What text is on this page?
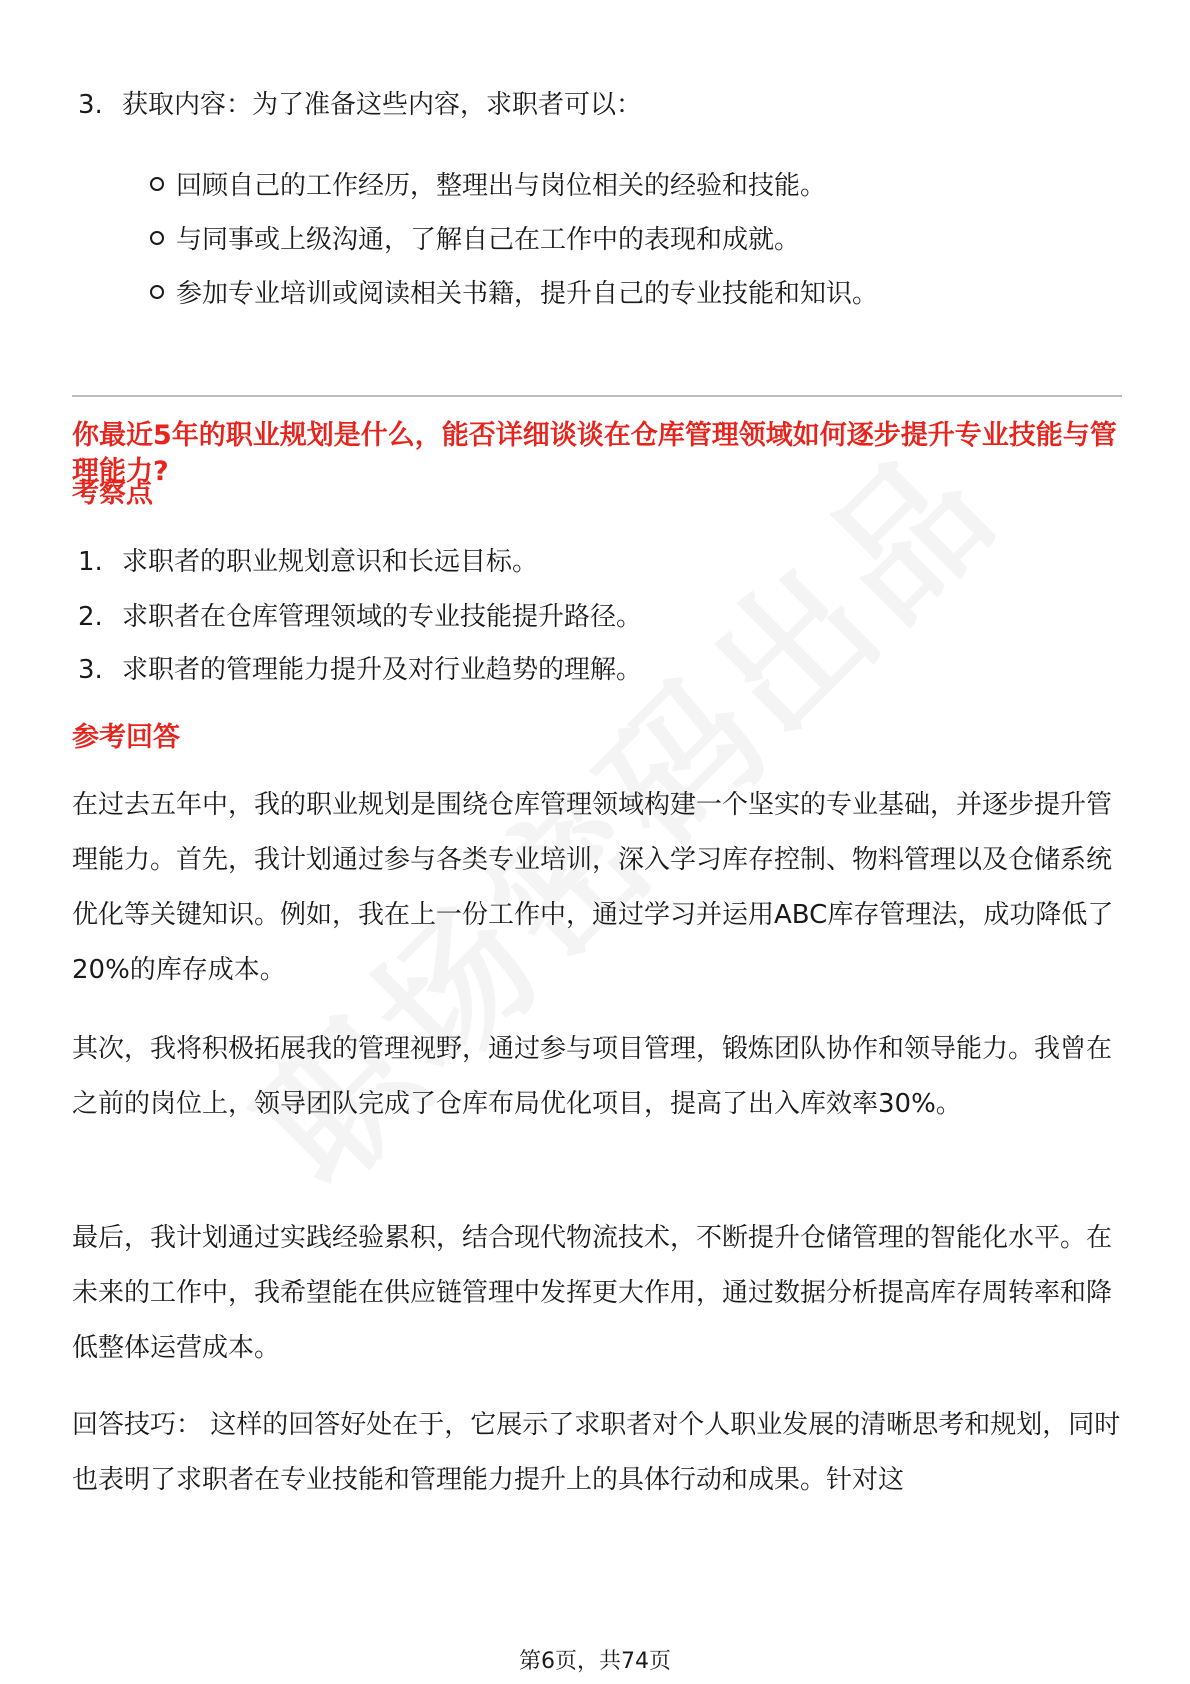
3. 获取内容：为了准备这些内容，求职者可以：
回顾自己的工作经历，整理出与岗位相关的经验和技能。
与同事或上级沟通，了解自己在工作中的表现和成就。
参加专业培训或阅读相关书籍，提升自己的专业技能和知识。
你最近5年的职业规划是什么，能否详细谈谈在仓库管理领域如何逐步提升专业技能与管理能力?
考察点
1. 求职者的职业规划意识和长远目标。
2. 求职者在仓库管理领域的专业技能提升路径。
3. 求职者的管理能力提升及对行业趋势的理解。
参考回答
在过去五年中，我的职业规划是围绕仓库管理领域构建一个坚实的专业基础，并逐步提升管理能力。首先，我计划通过参与各类专业培训，深入学习库存控制、物料管理以及仓储系统优化等关键知识。例如，我在上一份工作中，通过学习并运用ABC库存管理法，成功降低了20%的库存成本。
其次，我将积极拓展我的管理视野，通过参与项目管理，锻炼团队协作和领导能力。我曾在之前的岗位上，领导团队完成了仓库布局优化项目，提高了出入库效率30%。
最后，我计划通过实践经验累积，结合现代物流技术，不断提升仓储管理的智能化水平。在未来的工作中，我希望能在供应链管理中发挥更大作用，通过数据分析提高库存周转率和降低整体运营成本。
回答技巧： 这样的回答好处在于，它展示了求职者对个人职业发展的清晰思考和规划，同时也表明了求职者在专业技能和管理能力提升上的具体行动和成果。针对这
第6页，共74页
